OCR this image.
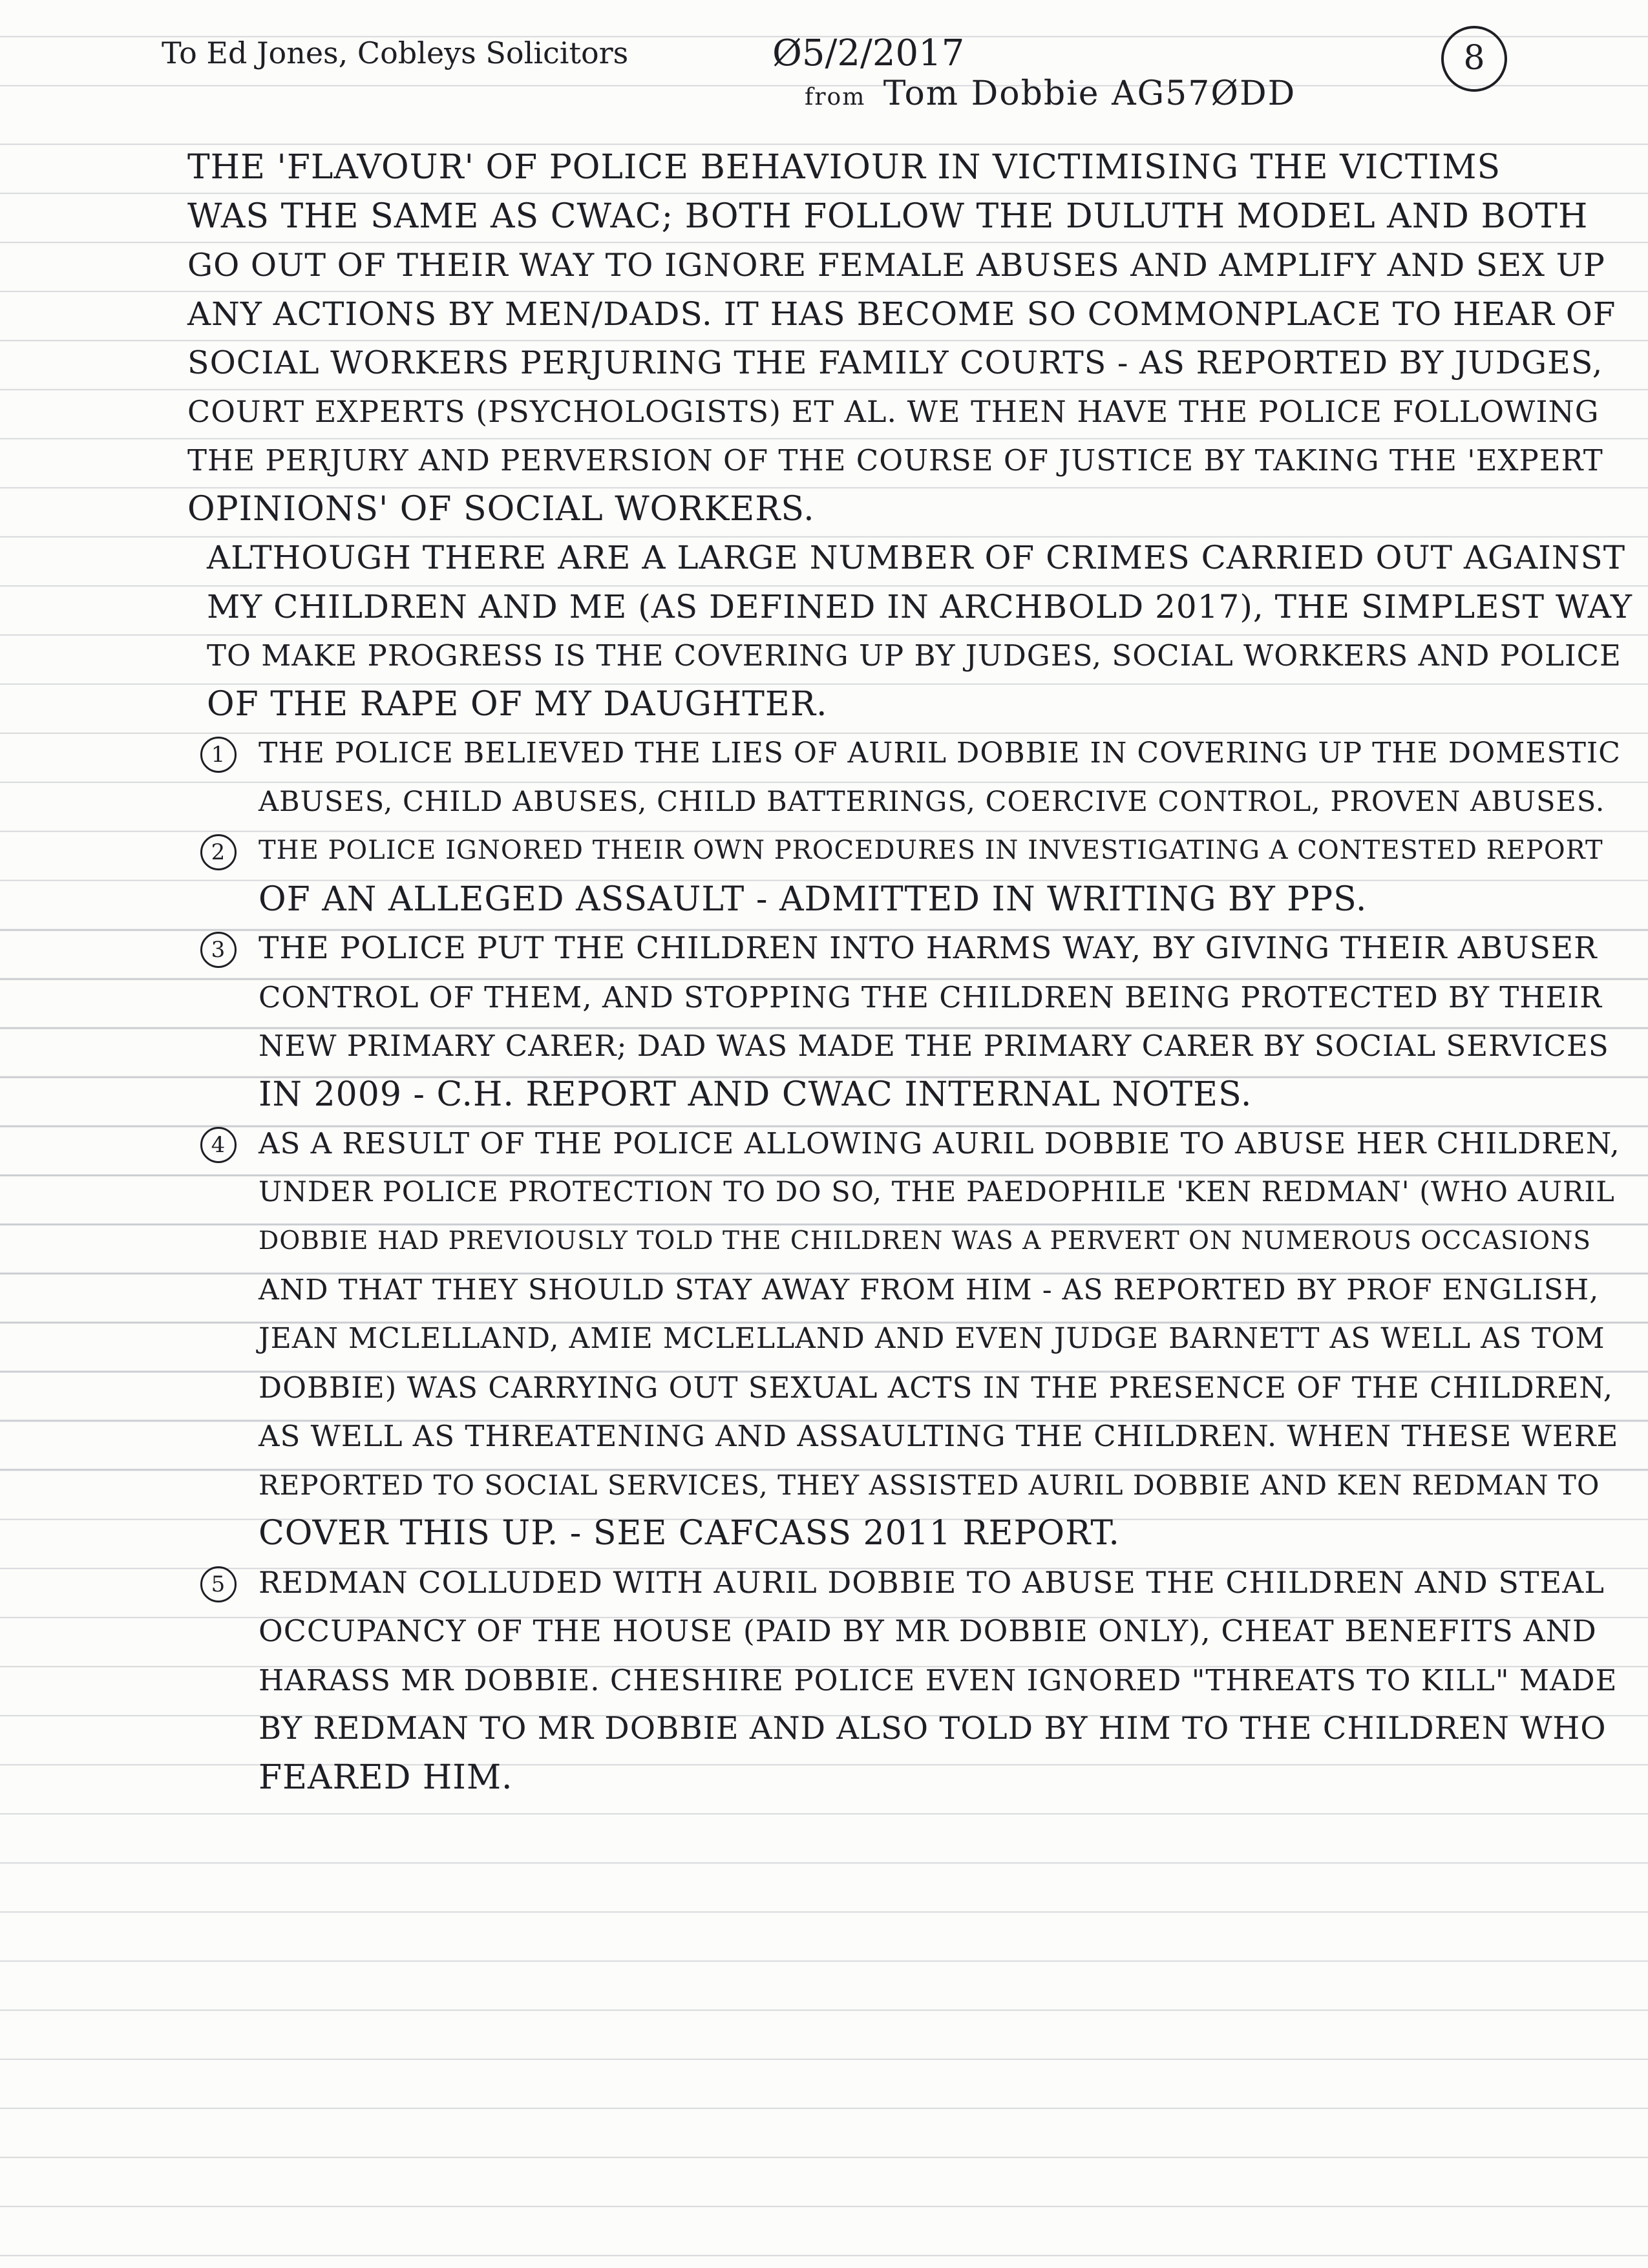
To Ed Jones, Cobleys Solicitors	Ø5/2/2017
from Tom Dobbie AG57ØDD
8
THE 'FLAVOUR' OF POLICE BEHAVIOUR IN VICTIMISING THE VICTIMS
WAS THE SAME AS CWAC; BOTH FOLLOW THE DULUTH MODEL AND BOTH
GO OUT OF THEIR WAY TO IGNORE FEMALE ABUSES AND AMPLIFY AND SEX UP
ANY ACTIONS BY MEN/DADS. IT HAS BECOME SO COMMONPLACE TO HEAR OF
SOCIAL WORKERS PERJURING THE FAMILY COURTS - AS REPORTED BY JUDGES,
COURT EXPERTS (PSYCHOLOGISTS) ET AL. WE THEN HAVE THE POLICE FOLLOWING
THE PERJURY AND PERVERSION OF THE COURSE OF JUSTICE BY TAKING THE 'EXPERT
OPINIONS' OF SOCIAL WORKERS.
ALTHOUGH THERE ARE A LARGE NUMBER OF CRIMES CARRIED OUT AGAINST
MY CHILDREN AND ME (AS DEFINED IN ARCHBOLD 2017), THE SIMPLEST WAY
TO MAKE PROGRESS IS THE COVERING UP BY JUDGES, SOCIAL WORKERS AND POLICE
OF THE RAPE OF MY DAUGHTER.
1	THE POLICE BELIEVED THE LIES OF AURIL DOBBIE IN COVERING UP THE DOMESTIC
ABUSES, CHILD ABUSES, CHILD BATTERINGS, COERCIVE CONTROL, PROVEN ABUSES.
2	THE POLICE IGNORED THEIR OWN PROCEDURES IN INVESTIGATING A CONTESTED REPORT
OF AN ALLEGED ASSAULT - ADMITTED IN WRITING BY PPS.
3	THE POLICE PUT THE CHILDREN INTO HARMS WAY, BY GIVING THEIR ABUSER
CONTROL OF THEM, AND STOPPING THE CHILDREN BEING PROTECTED BY THEIR
NEW PRIMARY CARER; DAD WAS MADE THE PRIMARY CARER BY SOCIAL SERVICES
IN 2009 - C.H. REPORT AND CWAC INTERNAL NOTES.
4	AS A RESULT OF THE POLICE ALLOWING AURIL DOBBIE TO ABUSE HER CHILDREN,
UNDER POLICE PROTECTION TO DO SO, THE PAEDOPHILE 'KEN REDMAN' (WHO AURIL
DOBBIE HAD PREVIOUSLY TOLD THE CHILDREN WAS A PERVERT ON NUMEROUS OCCASIONS
AND THAT THEY SHOULD STAY AWAY FROM HIM - AS REPORTED BY PROF ENGLISH,
JEAN MCLELLAND, AMIE MCLELLAND AND EVEN JUDGE BARNETT AS WELL AS TOM
DOBBIE) WAS CARRYING OUT SEXUAL ACTS IN THE PRESENCE OF THE CHILDREN,
AS WELL AS THREATENING AND ASSAULTING THE CHILDREN. WHEN THESE WERE
REPORTED TO SOCIAL SERVICES, THEY ASSISTED AURIL DOBBIE AND KEN REDMAN TO
COVER THIS UP. - SEE CAFCASS 2011 REPORT.
5	REDMAN COLLUDED WITH AURIL DOBBIE TO ABUSE THE CHILDREN AND STEAL
OCCUPANCY OF THE HOUSE (PAID BY MR DOBBIE ONLY), CHEAT BENEFITS AND
HARASS MR DOBBIE. CHESHIRE POLICE EVEN IGNORED "THREATS TO KILL" MADE
BY REDMAN TO MR DOBBIE AND ALSO TOLD BY HIM TO THE CHILDREN WHO
FEARED HIM.
